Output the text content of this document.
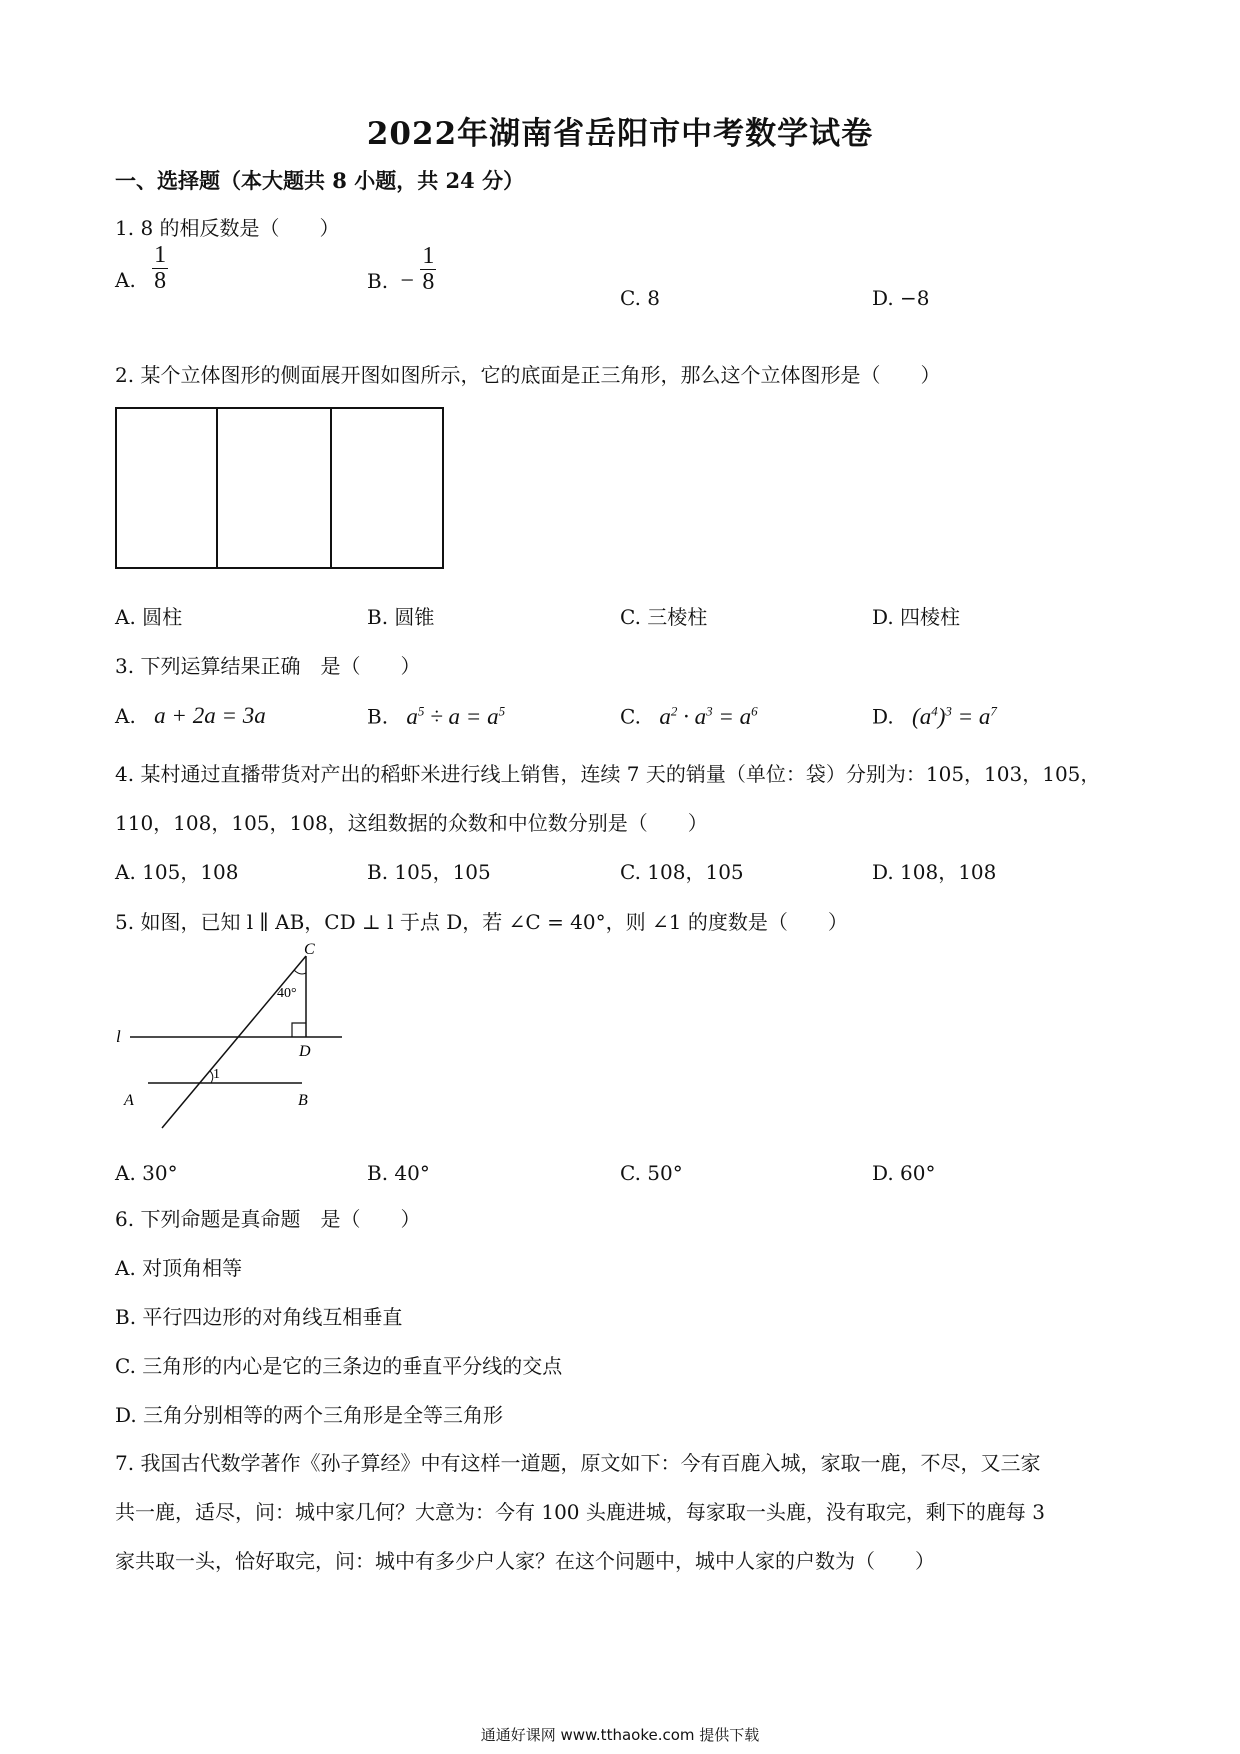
2022年湖南省岳阳市中考数学试卷
一、选择题（本大题共 8 小题，共 24 分）
1. 8 的相反数是（　　）
A. $\frac{1}{8}$	B. − $\frac{1}{8}$
C. 8	D. −8
2. 某个立体图形的侧面展开图如图所示，它的底面是正三角形，那么这个立体图形是（　　）
A. 圆柱	B. 圆锥	C. 三棱柱	D. 四棱柱
3. 下列运算结果正确　是（　　）
A. a + 2a = 3a	B. $a^5 \div a = a^5$	C. $a^2 \cdot a^3 = a^6$	D. $(a^4)^3 = a^7$
4. 某村通过直播带货对产出的稻虾米进行线上销售，连续 7 天的销量（单位：袋）分别为：105，103，105，
110，108，105，108，这组数据的众数和中位数分别是（　　）
A. 105，108	B. 105，105	C. 108，105	D. 108，108
5. 如图，已知 l ∥ AB，CD ⊥ l 于点 D，若 ∠C = 40°，则 ∠1 的度数是（　　）
C
40°
l
D
1
A	B
A. 30°	B. 40°	C. 50°	D. 60°
6. 下列命题是真命题　是（　　）
A. 对顶角相等
B. 平行四边形的对角线互相垂直
C. 三角形的内心是它的三条边的垂直平分线的交点
D. 三角分别相等的两个三角形是全等三角形
7. 我国古代数学著作《孙子算经》中有这样一道题，原文如下：今有百鹿入城，家取一鹿，不尽，又三家
共一鹿，适尽，问：城中家几何？大意为：今有 100 头鹿进城，每家取一头鹿，没有取完，剩下的鹿每 3
家共取一头，恰好取完，问：城中有多少户人家？在这个问题中，城中人家的户数为（　　）
通通好课网 www.tthaoke.com 提供下载
